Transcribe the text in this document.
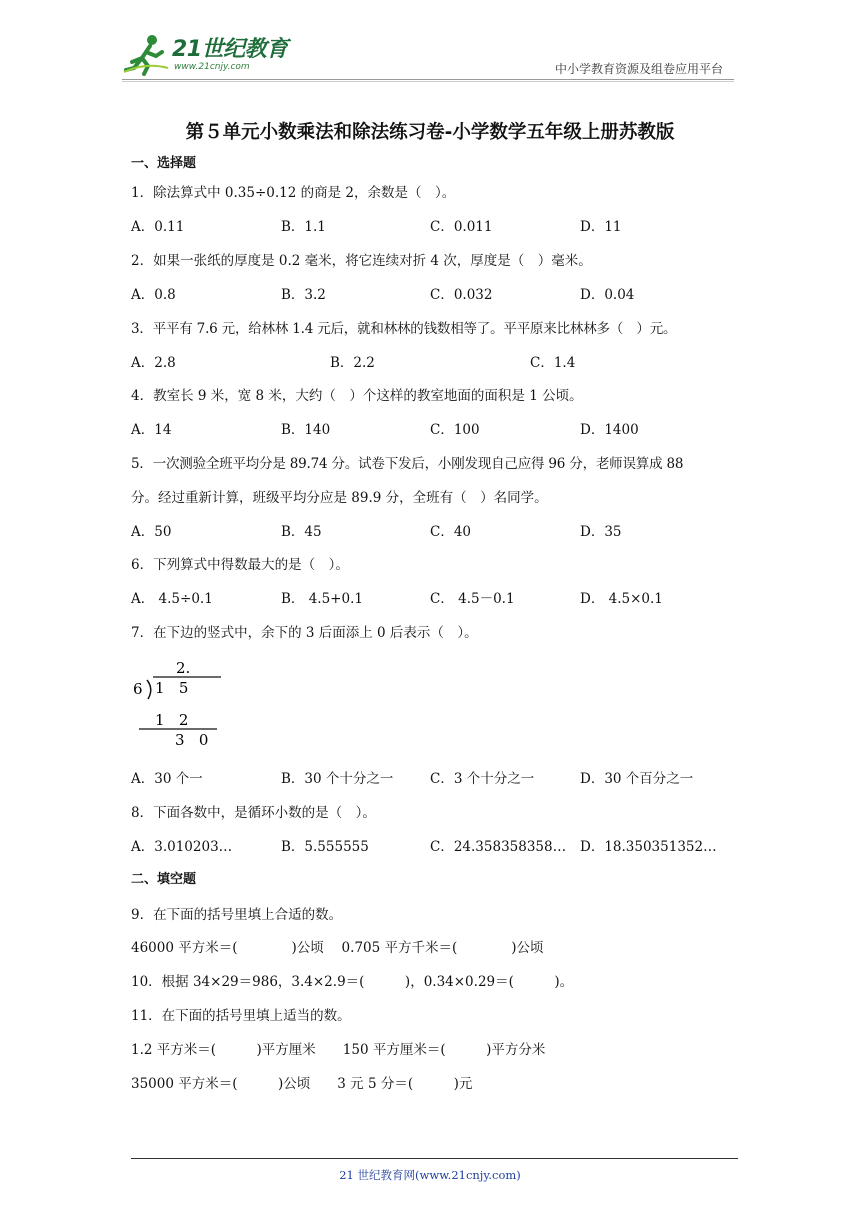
21世纪教育
www.21cnjy.com	中小学教育资源及组卷应用平台
第５单元小数乘法和除法练习卷-小学数学五年级上册苏教版
一、选择题
1．除法算式中 0.35÷0.12 的商是 2，余数是（　）。
A．0.11	B．1.1	C．0.011	D．11
2．如果一张纸的厚度是 0.2 毫米，将它连续对折 4 次，厚度是（　）毫米。
A．0.8	B．3.2	C．0.032	D．0.04
3．平平有 7.6 元，给林林 1.4 元后，就和林林的钱数相等了。平平原来比林林多（　）元。
A．2.8	B．2.2	C．1.4
4．教室长 9 米，宽 8 米，大约（　）个这样的教室地面的面积是 1 公顷。
A．14	B．140	C．100	D．1400
5．一次测验全班平均分是 89.74 分。试卷下发后，小刚发现自己应得 96 分，老师误算成 88
分。经过重新计算，班级平均分应是 89.9 分，全班有（　）名同学。
A．50	B．45	C．40	D．35
6．下列算式中得数最大的是（　）。
A． 4.5÷0.1	B． 4.5+0.1	C． 4.5－0.1	D． 4.5×0.1
7．在下边的竖式中，余下的 3 后面添上 0 后表示（　）。
2.
6 1   5
1   2
3   0
A．30 个一	B．30 个十分之一	C．3 个十分之一	D．30 个百分之一
8．下面各数中，是循环小数的是（　）。
A．3.010203…	B．5.555555	C．24.358358358… D．18.350351352…
二、填空题
9．在下面的括号里填上合适的数。
46000 平方米＝(　　　　)公顷　 0.705 平方千米＝(　　　　)公顷
10．根据 34×29＝986，3.4×2.9＝(　　　)，0.34×0.29＝(　　　)。
11．在下面的括号里填上适当的数。
1.2 平方米＝(　　　)平方厘米　　150 平方厘米＝(　　　)平方分米
35000 平方米＝(　　　)公顷　　3 元 5 分＝(　　　)元
21 世纪教育网(www.21cnjy.com)
